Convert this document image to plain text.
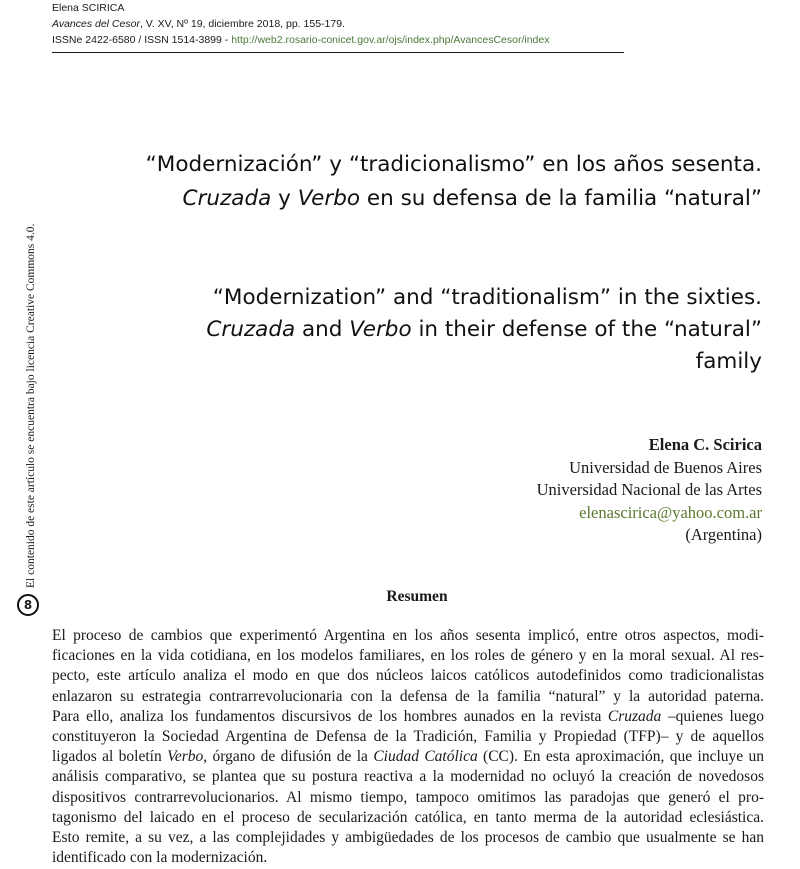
Elena SCIRICA
Avances del Cesor, V. XV, Nº 19, diciembre 2018, pp. 155-179.
ISSNe 2422-6580 / ISSN 1514-3899 - http://web2.rosario-conicet.gov.ar/ojs/index.php/AvancesCesor/index
“Modernización” y “tradicionalismo” en los años sesenta.
Cruzada y Verbo en su defensa de la familia “natural”
“Modernization” and “traditionalism” in the sixties.
Cruzada and Verbo in their defense of the “natural”
family
Elena C. Scirica
Universidad de Buenos Aires
Universidad Nacional de las Artes
elenascirica@yahoo.com.ar
(Argentina)
El contenido de este artículo se encuentra bajo licencia Creative Commons 4.0.
8	Resumen
El proceso de cambios que experimentó Argentina en los años sesenta implicó, entre otros aspectos, modi-
ficaciones en la vida cotidiana, en los modelos familiares, en los roles de género y en la moral sexual. Al res-
pecto, este artículo analiza el modo en que dos núcleos laicos católicos autodefinidos como tradicionalistas
enlazaron su estrategia contrarrevolucionaria con la defensa de la familia “natural” y la autoridad paterna.
Para ello, analiza los fundamentos discursivos de los hombres aunados en la revista Cruzada –quienes luego
constituyeron la Sociedad Argentina de Defensa de la Tradición, Familia y Propiedad (TFP)– y de aquellos
ligados al boletín Verbo, órgano de difusión de la Ciudad Católica (CC). En esta aproximación, que incluye un
análisis comparativo, se plantea que su postura reactiva a la modernidad no ocluyó la creación de novedosos
dispositivos contrarrevolucionarios. Al mismo tiempo, tampoco omitimos las paradojas que generó el pro-
tagonismo del laicado en el proceso de secularización católica, en tanto merma de la autoridad eclesiástica.
Esto remite, a su vez, a las complejidades y ambigüedades de los procesos de cambio que usualmente se han
identificado con la modernización.
